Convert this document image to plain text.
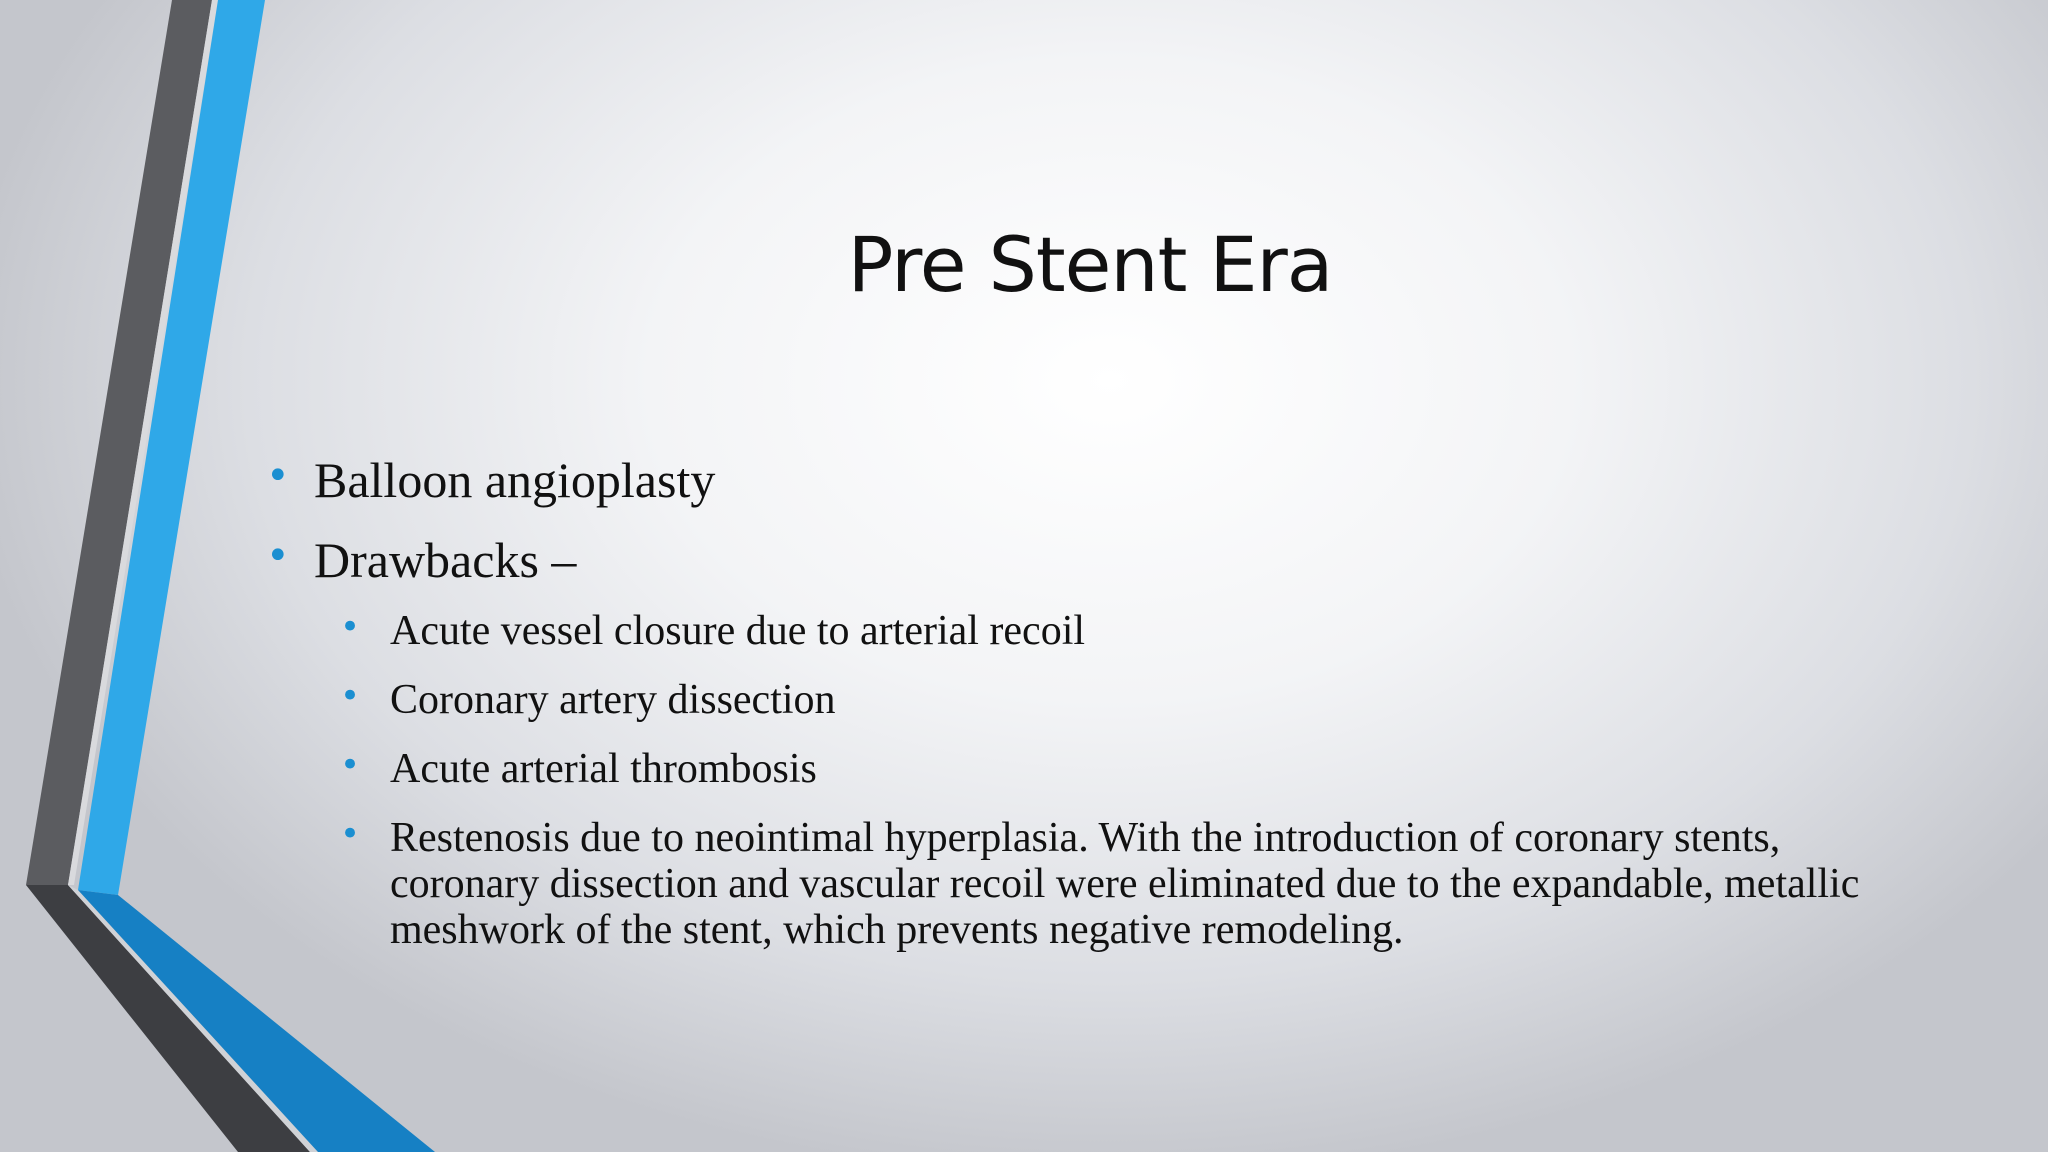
Pre Stent Era
• Balloon angioplasty
• Drawbacks –
• Acute vessel closure due to arterial recoil
• Coronary artery dissection
• Acute arterial thrombosis
• Restenosis due to neointimal hyperplasia. With the introduction of coronary stents, coronary dissection and vascular recoil were eliminated due to the expandable, metallic meshwork of the stent, which prevents negative remodeling.
